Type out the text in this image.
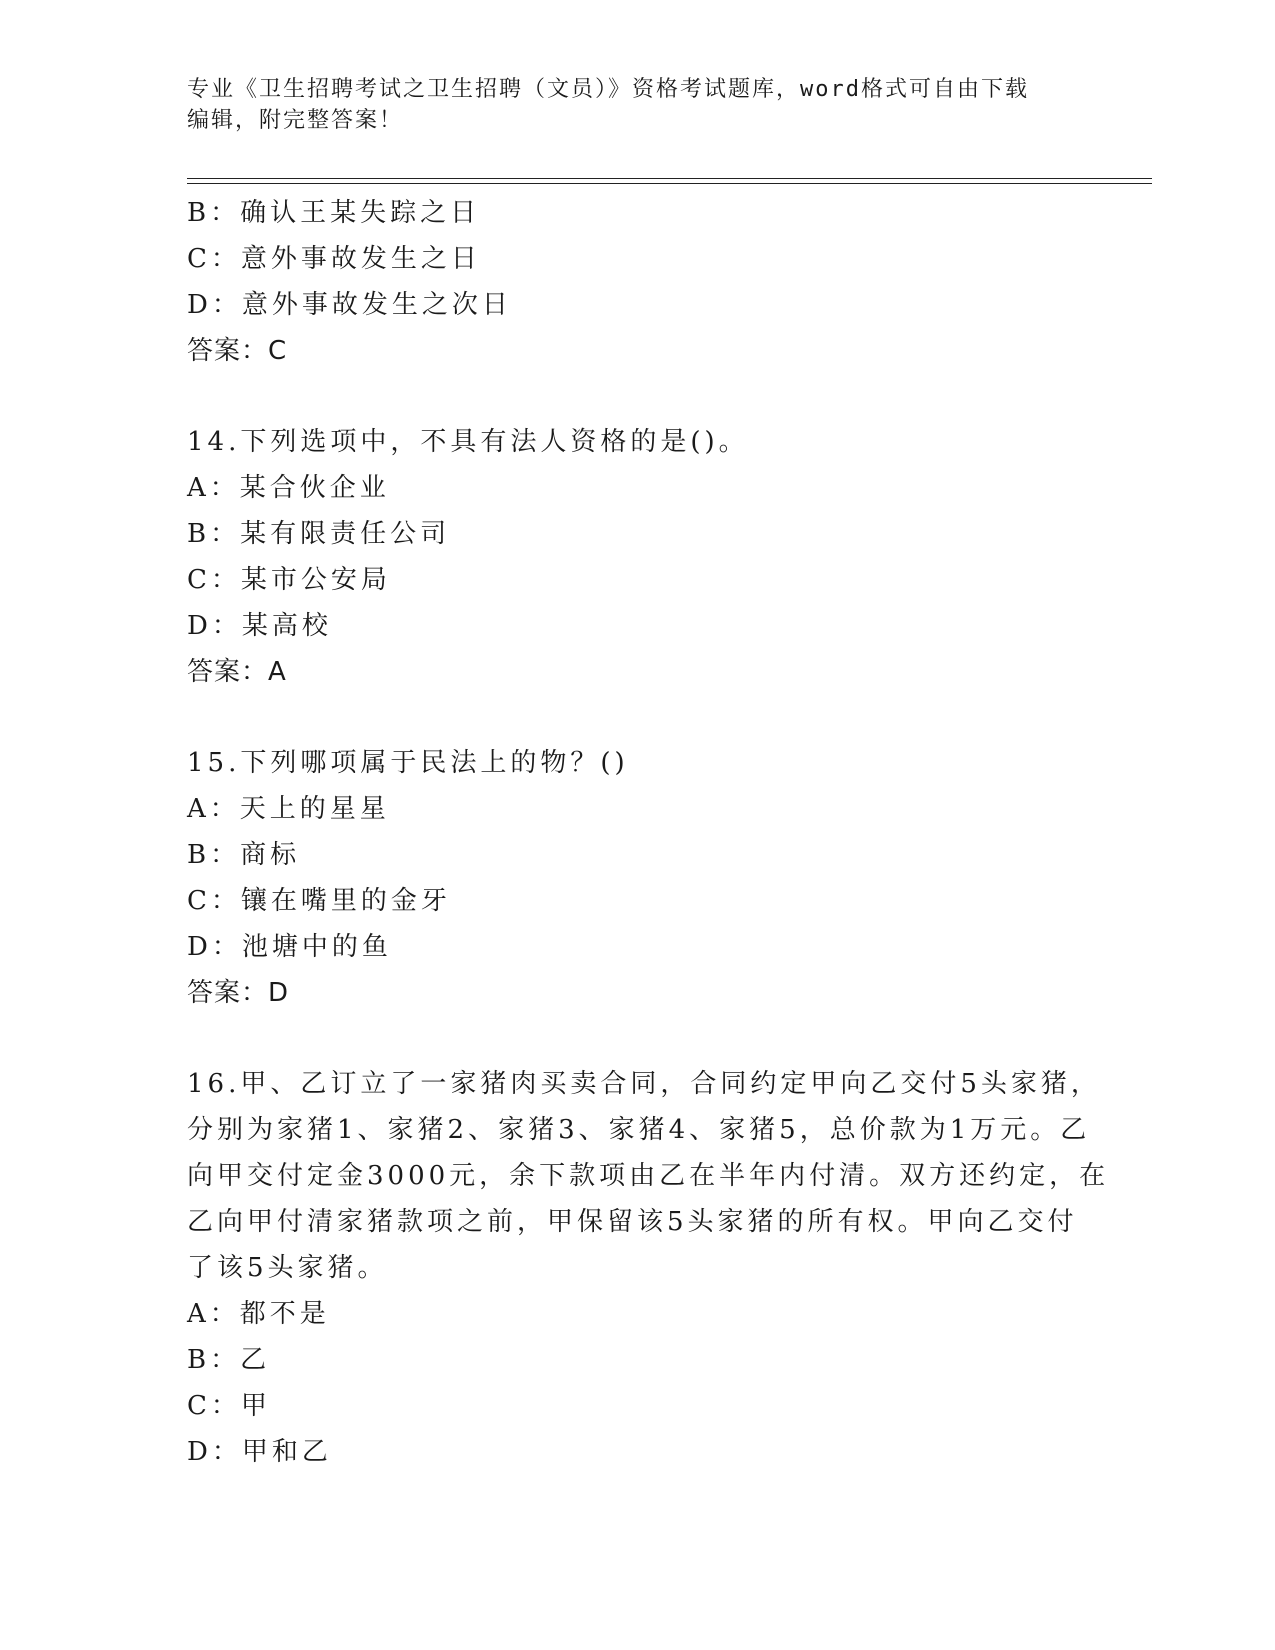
专业《卫生招聘考试之卫生招聘（文员）》资格考试题库，word格式可自由下载
编辑，附完整答案！
B：确认王某失踪之日
C：意外事故发生之日
D：意外事故发生之次日
答案：C
14.下列选项中，不具有法人资格的是()。
A：某合伙企业
B：某有限责任公司
C：某市公安局
D：某高校
答案：A
15.下列哪项属于民法上的物？()
A：天上的星星
B：商标
C：镶在嘴里的金牙
D：池塘中的鱼
答案：D
16.甲、乙订立了一家猪肉买卖合同，合同约定甲向乙交付5头家猪，
分别为家猪1、家猪2、家猪3、家猪4、家猪5，总价款为1万元。乙
向甲交付定金3000元，余下款项由乙在半年内付清。双方还约定，在
乙向甲付清家猪款项之前，甲保留该5头家猪的所有权。甲向乙交付
了该5头家猪。
A：都不是
B：乙
C：甲
D：甲和乙
